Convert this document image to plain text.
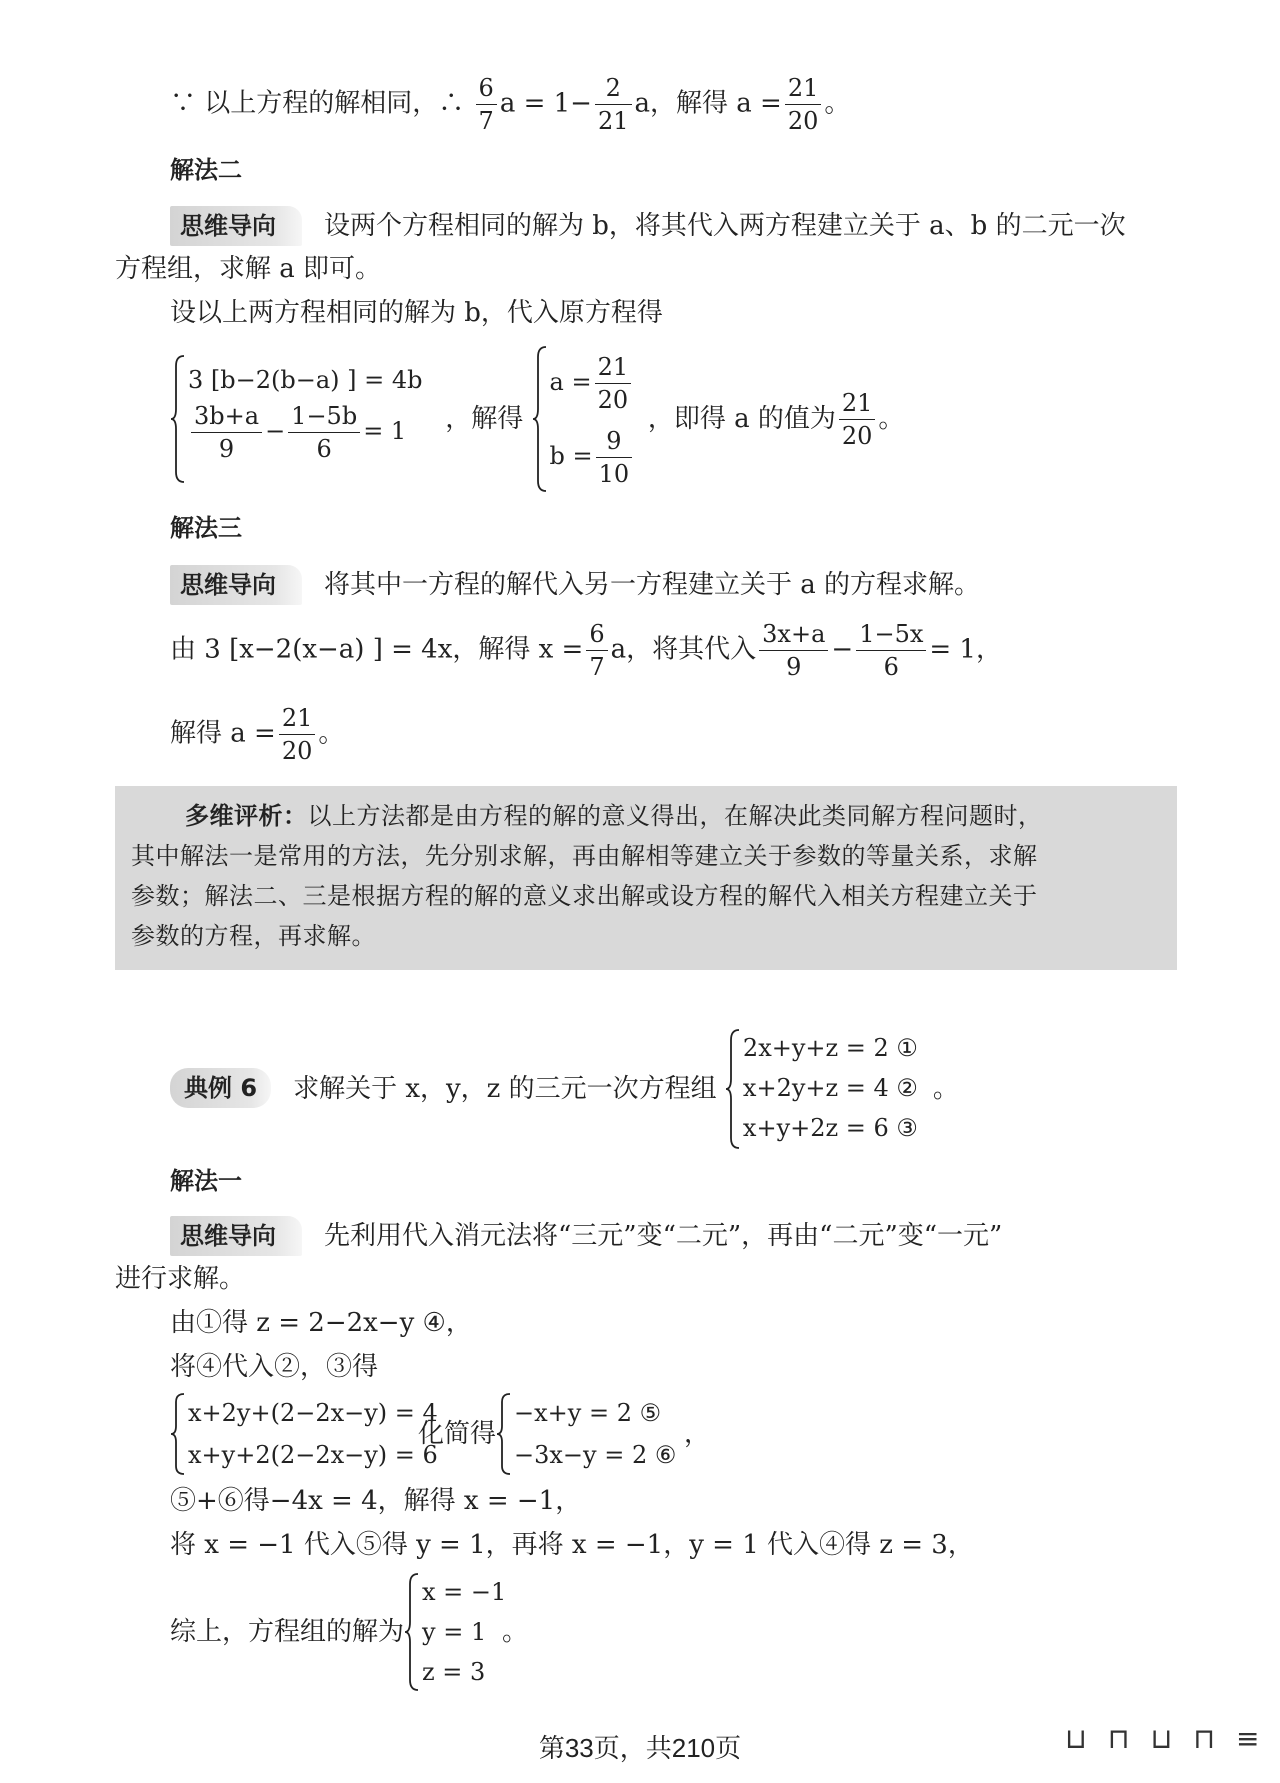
∵ 以上方程的解相同，∴ $\frac{6}{7}$ $a = 1- \frac{2}{21}$ a，解得 $a = \frac{21}{20}$ 。
解法二
思维导向 设两个方程相同的解为 b，将其代入两方程建立关于 a、b 的二元一次
方程组，求解 a 即可。
设以上两方程相同的解为 b，代入原方程得
3 [b−2(b−a) ] = 4b
$\frac{3b+a}{9} - \frac{1-5b}{6} = 1$	，解得
$a = \frac{21}{20}$
$b = \frac{9}{10}$
，即得 a 的值为 $\frac{21}{20}$ 。
解法三
思维导向 将其中一方程的解代入另一方程建立关于 a 的方程求解。
由 3 [x−2(x−a) ] = 4x，解得 $x = \frac{6}{7}$ a，将其代入 $\frac{3x+a}{9} - \frac{1-5x}{6} = 1$，
解得 $a = \frac{21}{20}$ 。

多维评析：以上方法都是由方程的解的意义得出，在解决此类同解方程问题时，

其中解法一是常用的方法，先分别求解，再由解相等建立关于参数的等量关系，求解

参数；解法二、三是根据方程的解的意义求出解或设方程的解代入相关方程建立关于

参数的方程，再求解。

典例 6 求解关于 x，y，z 的三元一次方程组
2x+y+z = 2 ①
x+2y+z = 4 ②
x+y+2z = 6 ③
。
解法一
思维导向 先利用代入消元法将“三元”变“二元”，再由“二元”变“一元”
进行求解。
由①得 z = 2−2x−y ④，
将④代入②，③得
x+2y+(2−2x−y) = 4
x+y+2(2−2x−y) = 6
化简得
−x+y = 2 ⑤
−3x−y = 2 ⑥
，
⑤+⑥得−4x = 4，解得 x = −1，
将 x = −1 代入⑤得 y = 1，再将 x = −1，y = 1 代入④得 z = 3，
综上，方程组的解为
x = −1
y = 1
z = 3
。
第33页，共210页	⊔ ⊓ ⊔ ⊓ ≡
